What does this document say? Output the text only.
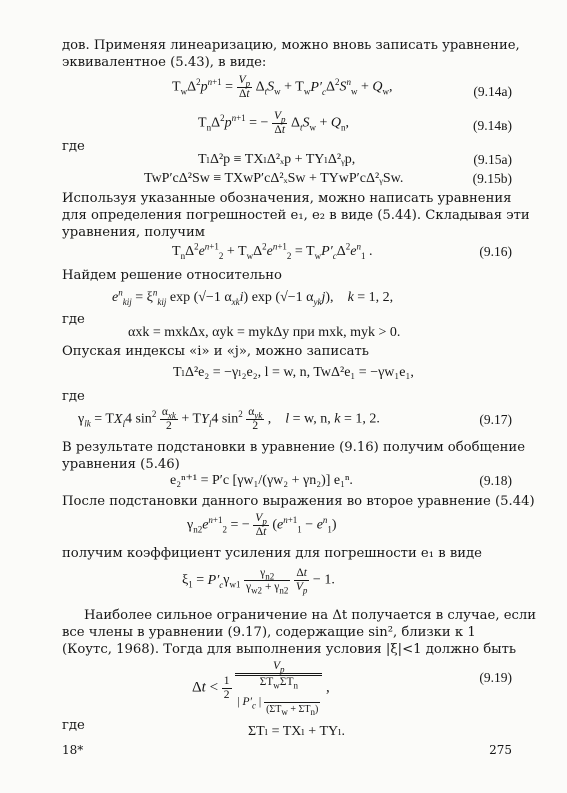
дов. Применяя линеаризацию, можно вновь записать уравнение,
эквивалентное (5.43), в виде:
$T_w\Delta^2p^{n+1} = \frac{V_p}{\Delta t} \Delta_tS_w + T_wP'_c\Delta^2S^n_w + Q_w$,	(9.14a)
$T_n\Delta^2p^{n+1}$ = − $\frac{V_p}{\Delta t} \Delta_tS_w + Q_n$,	(9.14в)
где
TₗΔ²p ≡ TXₗΔ²ₓp + TYₗΔ²ᵧp,	(9.15a)
TwP′cΔ²Sw ≡ TXwP′cΔ²ₓSw + TYwP′cΔ²ᵧSw.	(9.15b)
Используя указанные обозначения, можно написать уравнения
для определения погрешностей e₁, e₂ в виде (5.44). Складывая эти
уравнения, получим
$T_n\Delta^2e^{n+1}_2 + T_w\Delta^2e^{n+1}_2 = T_wP'_c\Delta^2e^n_1$ .	(9.16)
Найдем решение относительно
$e^n_{kij} = \xi^n_{kij}$ exp (√−1 $\alpha_{xk}i$) exp (√−1 $\alpha_{yk}j$),    k = 1, 2,
где
αxk = mxkΔx, αyk = mykΔy при mxk, myk > 0.
Опуская индексы «i» и «j», можно записать
TₗΔ²e₂ = −γₗ₂e₂, l = w, n, TwΔ²e₁ = −γw₁e₁,
где
$\gamma_{lk} = TX_l4$ $\sin^2 \frac{\alpha_{xk}}{2} + TY_l4$ $\sin^2 \frac{\alpha_{yk}}{2}$ ,    l = w, n, k = 1, 2.	(9.17)
В результате подстановки в уравнение (9.16) получим обобщение
уравнения (5.46)
e₂ⁿ⁺¹ = P′c [γw₁/(γw₂ + γn₂)] e₁ⁿ.	(9.18)
После подстановки данного выражения во второе уравнение (5.44)
$\gamma_{n2}e^{n+1}_2$ = − $\frac{V_p}{\Delta t} (e^{n+1}_1 - e^n_1)$
получим коэффициент усиления для погрешности e₁ в виде
$\xi_1 = P'_c\gamma_{w1} \frac{\gamma_{n2}}{\gamma_{w2} + \gamma_{n2}}$
$\frac{\Delta t}{V_p} - 1$.
Наиболее сильное ограничение на Δt получается в случае, если
все члены в уравнении (9.17), содержащие sin², близки к 1
(Коутс, 1968). Тогда для выполнения условия |ξ|<1 должно быть
$\Delta t < \frac{1}{2}$

$V_p$
$\Sigma T_w\Sigma T_n$
| $P'_c$ |

$(\Sigma T_w + \Sigma T_n)$
,
(9.19)
где	ΣTₗ = TXₗ + TYₗ.
18*	275
